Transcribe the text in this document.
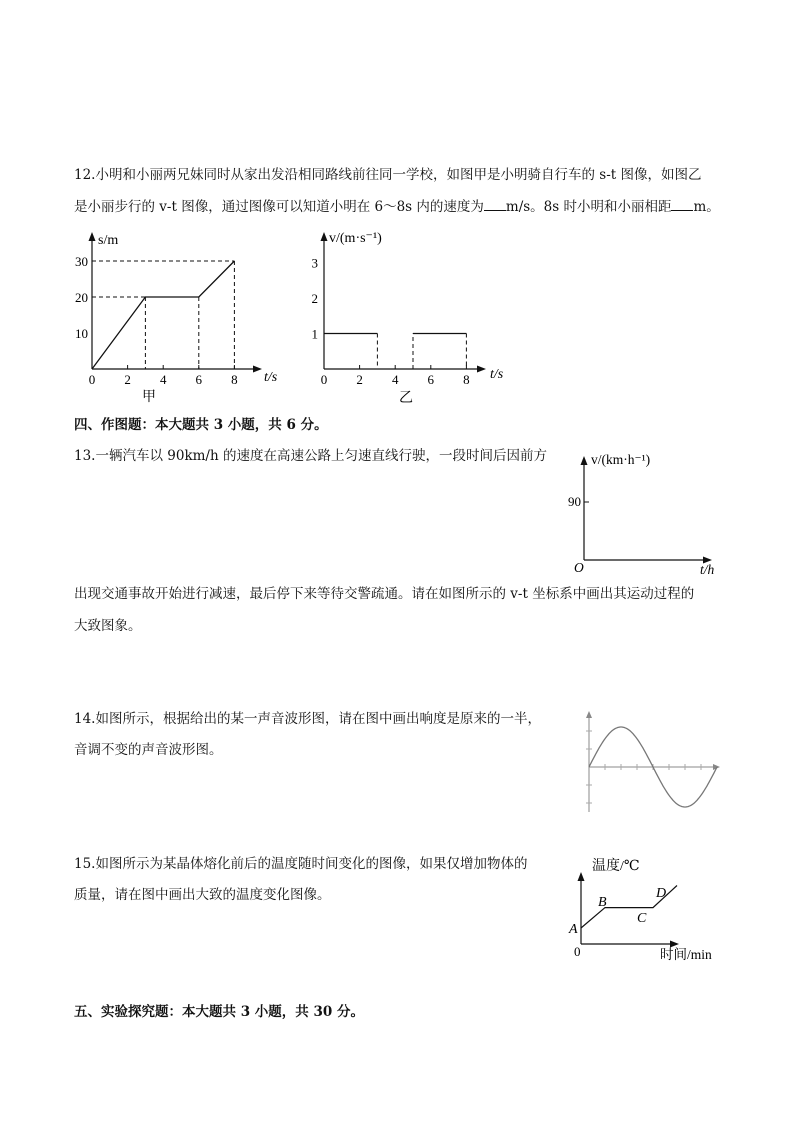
12.小明和小丽两兄妹同时从家出发沿相同路线前往同一学校，如图甲是小明骑自行车的 s-t 图像，如图乙
是小丽步行的 v-t 图像，通过图像可以知道小明在 6～8s 内的速度为 m/s。8s 时小明和小丽相距 m。
s/m
t/s
0 2 4 6 8
10
20
30
甲
v/(m·s⁻¹)
t/s
0 2 4 6 8
1
2
3
乙
四、作图题：本大题共 3 小题，共 6 分。
13.一辆汽车以 90km/h 的速度在高速公路上匀速直线行驶，一段时间后因前方	v/(km·h⁻¹)
t/h
90
O
出现交通事故开始进行减速，最后停下来等待交警疏通。请在如图所示的 v-t 坐标系中画出其运动过程的
大致图象。
14.如图所示，根据给出的某一声音波形图，请在图中画出响度是原来的一半，
音调不变的声音波形图。
15.如图所示为某晶体熔化前后的温度随时间变化的图像，如果仅增加物体的
质量，请在图中画出大致的温度变化图像。
温度/℃
时间/min
0
A
B
C
D
五、实验探究题：本大题共 3 小题，共 30 分。
